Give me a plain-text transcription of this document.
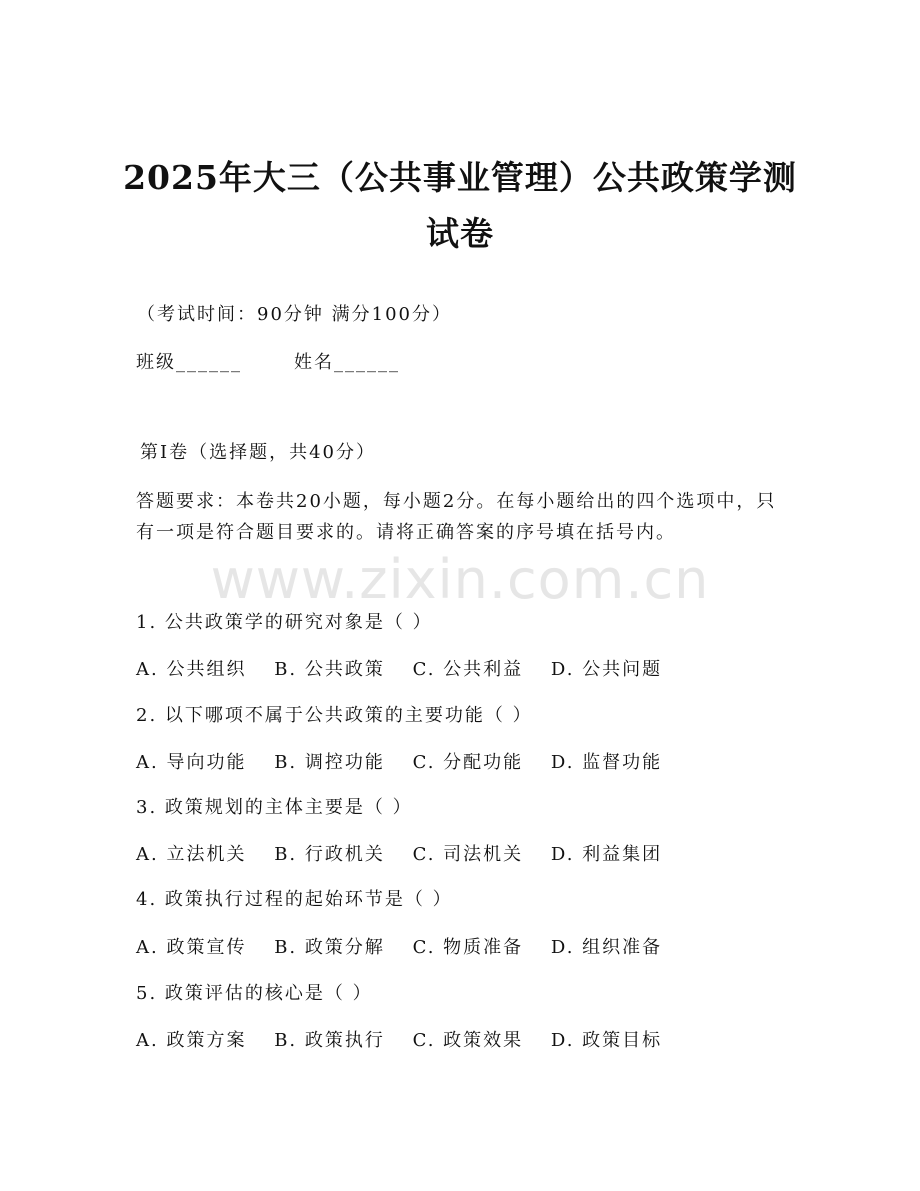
2025年大三（公共事业管理）公共政策学测试卷
（考试时间：90分钟 满分100分）
班级______	姓名______
第I卷（选择题，共40分）
答题要求：本卷共20小题，每小题2分。在每小题给出的四个选项中，只有一项是符合题目要求的。请将正确答案的序号填在括号内。
www.zixin.com.cn
1. 公共政策学的研究对象是（ ）
A. 公共组织 B. 公共政策 C. 公共利益 D. 公共问题
2. 以下哪项不属于公共政策的主要功能（ ）
A. 导向功能 B. 调控功能 C. 分配功能 D. 监督功能
3. 政策规划的主体主要是（ ）
A. 立法机关 B. 行政机关 C. 司法机关 D. 利益集团
4. 政策执行过程的起始环节是（ ）
A. 政策宣传 B. 政策分解 C. 物质准备 D. 组织准备
5. 政策评估的核心是（ ）
A. 政策方案 B. 政策执行 C. 政策效果 D. 政策目标
